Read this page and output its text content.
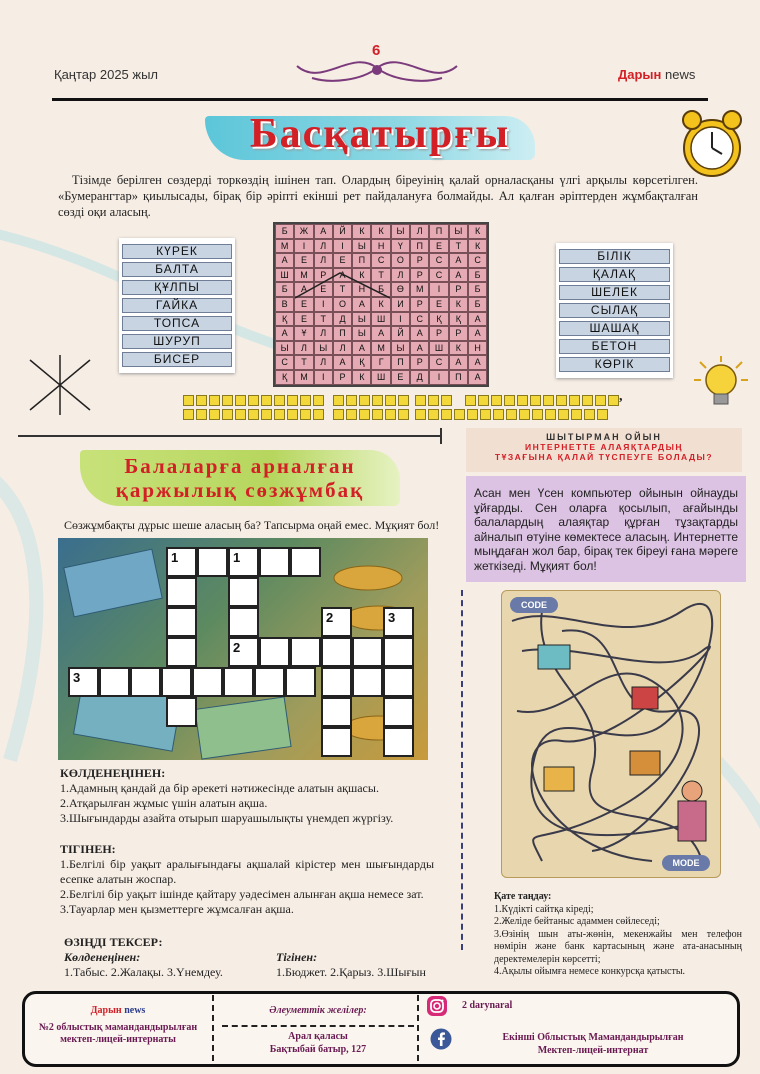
Қаңтар 2025 жыл
6
Дарын news
Басқатырғы
Тізімде берілген сөздерді торкөздің ішінен тап. Олардың біреуінің қалай орналасқаны үлгі арқылы көрсетілген. «Бумерангтар» қиылысады, бірақ бір әріпті екінші рет пайдалануға болмайды. Ал қалған әріптерден жұмбақталған сөзді оқи аласың.
КҮРЕК
БАЛТА
ҚҰЛПЫ
ГАЙКА
ТОПСА
ШУРУП
БИСЕР
БІЛІК
ҚАЛАҚ
ШЕЛЕК
СЫЛАҚ
ШАШАҚ
БЕТОН
КӨРІК
Б	Ж	А	Й	К	К	Ы	Л	П	Ы	К
М	І	Л	І	Ы	Н	Ү	П	Е	Т	К
А	Е	Л	Е	П	С	О	Р	С	А	С
Ш	М	Р	А	К	Т	Л	Р	С	А	Б
Б	А	Е	Т	Н	Б	Ө	М	І	Р	Б
В	Е	І	О	А	К	И	Р	Е	К	Б
Қ	Е	Т	Д	Ы	Ш	І	С	Қ	Қ	А
А	Ұ	Л	П	Ы	А	Й	А	Р	Р	А
Ы	Л	Ы	Л	А	М	Ы	А	Ш	К	Н
С	Т	Л	А	Қ	Г	П	Р	С	А	А
Қ	М	І	Р	К	Ш	Е	Д	І	П	А
,
Балаларға арналған
қаржылық сөзжұмбақ
Сөзжұмбақты дұрыс шеше аласың ба? Тапсырма оңай емес. Мұқият бол!
1	1
2	3
2
3
КӨЛДЕНЕҢІНЕН:
1.Адамның қандай да бір әрекеті нәтижесінде алатын ақшасы.
2.Атқарылған жұмыс үшін алатын ақша.
3.Шығындарды азайта отырып шаруашылықты үнемдеп жүргізу.
ТІГІНЕН:
1.Белгілі бір уақыт аралығындағы ақшалай кірістер мен шығындарды есепке алатын жоспар.
2.Белгілі бір уақыт ішінде қайтару уәдесімен алынған ақша немесе зат.
3.Тауарлар мен қызметтерге жұмсалған ақша.
ӨЗІҢДІ ТЕКСЕР:
Көлденеңінен:
1.Табыс. 2.Жалақы. 3.Үнемдеу.
Тігінен:
1.Бюджет. 2.Қарыз. 3.Шығын
ШЫТЫРМАН ОЙЫН
ИНТЕРНЕТТЕ АЛАЯҚТАРДЫҢ
ТҰЗАҒЫНА ҚАЛАЙ ТҮСПЕУГЕ БОЛАДЫ?
Асан мен Үсен компьютер ойынын ойнауды ұйғарды. Сен оларға қосылып, ағайынды балалардың алаяқтар құрған тұзақтарды айналып өтуіне көмектесе аласың. Интернетте мыңдаған жол бар, бірақ тек біреуі ғана мәреге жеткізеді. Мұқият бол!
CODE
MODE
Қате таңдау:
1.Күдікті сайтқа кіреді;
2.Желіде бейтаныс адаммен сөйлеседі;
3.Өзінің шын аты-жөнін, мекенжайы мен телефон нөмірін және банк картасының және ата-анасының деректемелерін көрсетті;
4.Ақылы ойымға немесе конкурсқа қатысты.
Дарын news
№2 облыстық мамандандырылған мектеп-лицей-интернаты
Әлеуметтік желілер:
Арал қаласы
Бақтыбай батыр, 127
2 darynaral
Екінші Облыстық Мамандандырылған
Мектеп-лицей-интернат
